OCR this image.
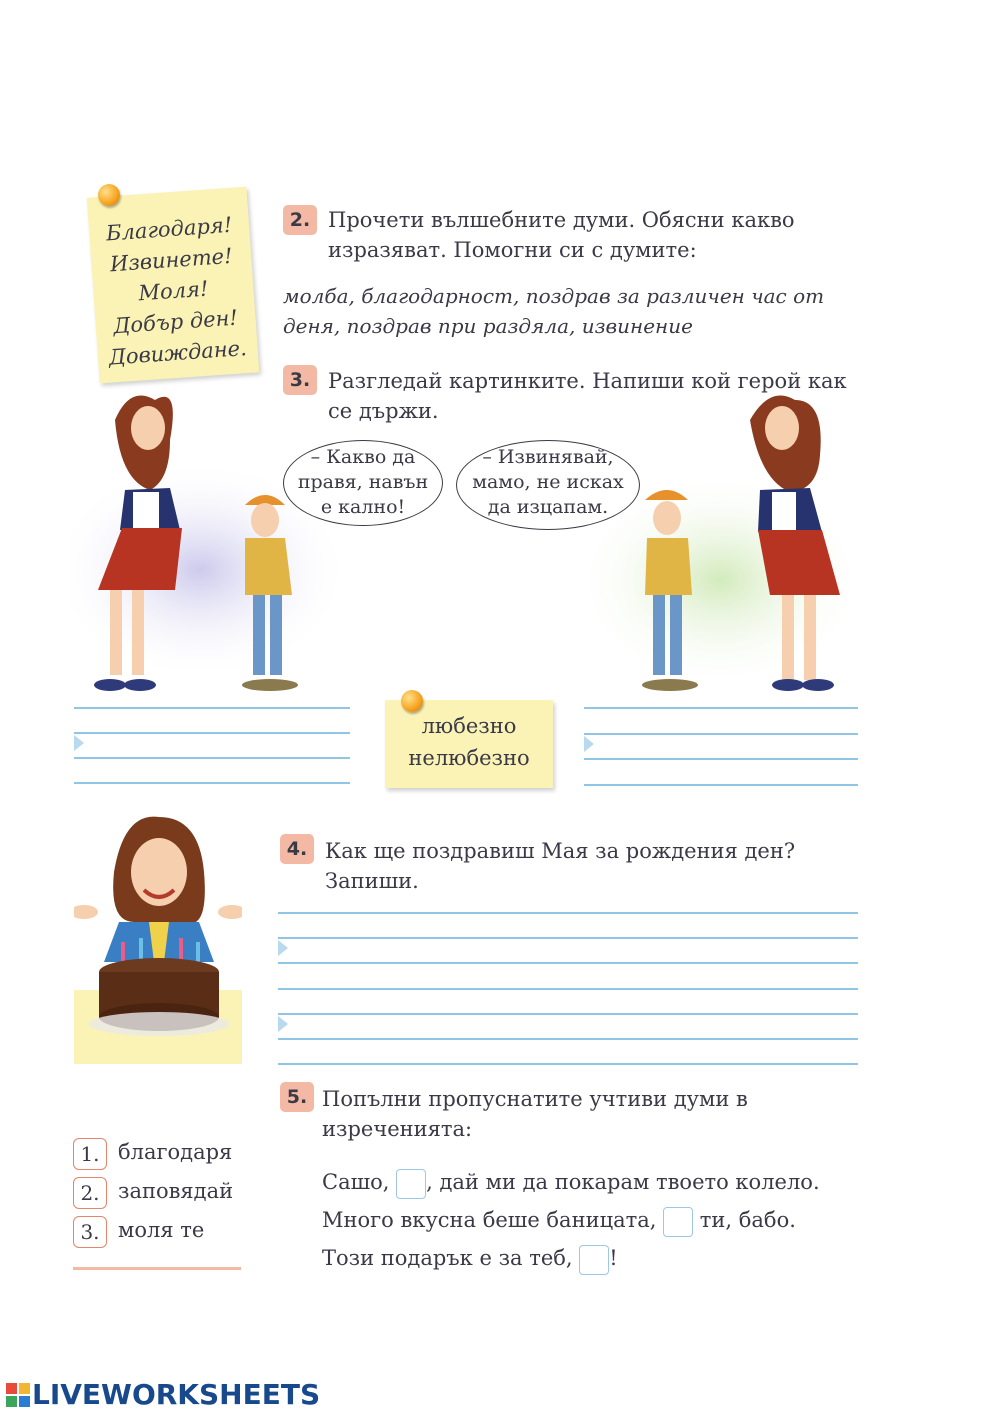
Благодаря!
Извинете!
Моля!
Добър ден!
Довиждане.
2. Прочети вълшебните думи. Обясни какво
изразяват. Помогни си с думите:
молба, благодарност, поздрав за различен час от
деня, поздрав при раздяла, извинение
3. Разгледай картинките. Напиши кой герой как
се държи.
– Какво да
правя, навън
е кално!
– Извинявай,
мамо, не исках
да изцапам.
любезно
нелюбезно
4. Как ще поздравиш Мая за рождения ден?
Запиши.
5. Попълни пропуснатите учтиви думи в
изреченията:
Сашо, , дай ми да покарам твоето колело.
Много вкусна беше баницата, ти, бабо.
Този подарък е за теб, !
1. благодаря
2. заповядай
3. моля те
LIVEWORKSHEETS
